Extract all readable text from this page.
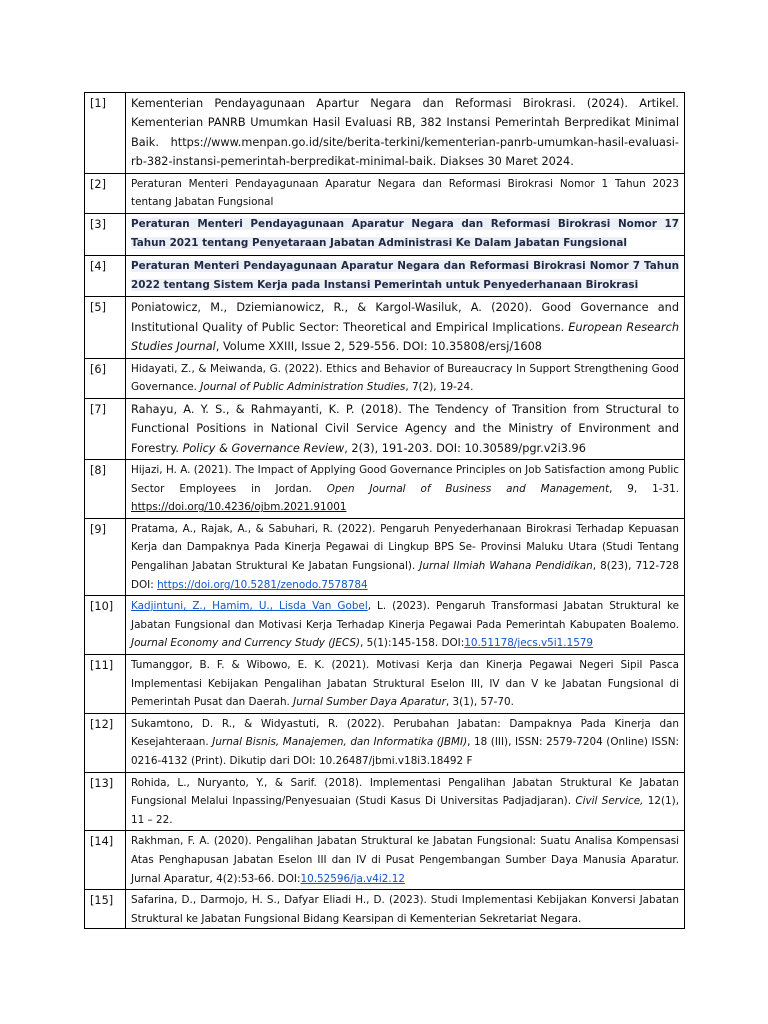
[1]	Kementerian Pendayagunaan Apartur Negara dan Reformasi Birokrasi. (2024). Artikel. Kementerian PANRB Umumkan Hasil Evaluasi RB, 382 Instansi Pemerintah Berpredikat Minimal Baik. https://www.menpan.go.id/site/berita-terkini/kementerian-panrb-umumkan-hasil-evaluasi-rb-382-instansi-pemerintah-berpredikat-minimal-baik. Diakses 30 Maret 2024.
[2]	Peraturan Menteri Pendayagunaan Aparatur Negara dan Reformasi Birokrasi Nomor 1 Tahun 2023 tentang Jabatan Fungsional
[3]	Peraturan Menteri Pendayagunaan Aparatur Negara dan Reformasi Birokrasi Nomor 17 Tahun 2021 tentang Penyetaraan Jabatan Administrasi Ke Dalam Jabatan Fungsional
[4]	Peraturan Menteri Pendayagunaan Aparatur Negara dan Reformasi Birokrasi Nomor 7 Tahun 2022 tentang Sistem Kerja pada Instansi Pemerintah untuk Penyederhanaan Birokrasi
[5]	Poniatowicz, M., Dziemianowicz, R., & Kargol-Wasiluk, A. (2020). Good Governance and Institutional Quality of Public Sector: Theoretical and Empirical Implications. European Research Studies Journal, Volume XXIII, Issue 2, 529-556. DOI: 10.35808/ersj/1608
[6]	Hidayati, Z., & Meiwanda, G. (2022). Ethics and Behavior of Bureaucracy In Support Strengthening Good Governance. Journal of Public Administration Studies, 7(2), 19-24.
[7]	Rahayu, A. Y. S., & Rahmayanti, K. P. (2018). The Tendency of Transition from Structural to Functional Positions in National Civil Service Agency and the Ministry of Environment and Forestry. Policy & Governance Review, 2(3), 191-203. DOI: 10.30589/pgr.v2i3.96
[8]	Hijazi, H. A. (2021). The Impact of Applying Good Governance Principles on Job Satisfaction among Public Sector Employees in Jordan. Open Journal of Business and Management, 9, 1-31. https://doi.org/10.4236/ojbm.2021.91001
[9]	Pratama, A., Rajak, A., & Sabuhari, R. (2022). Pengaruh Penyederhanaan Birokrasi Terhadap Kepuasan Kerja dan Dampaknya Pada Kinerja Pegawai di Lingkup BPS Se- Provinsi Maluku Utara (Studi Tentang Pengalihan Jabatan Struktural Ke Jabatan Fungsional). Jurnal Ilmiah Wahana Pendidikan, 8(23), 712-728 DOI: https://doi.org/10.5281/zenodo.7578784
[10]	Kadjintuni, Z., Hamim, U., Lisda Van Gobel, L. (2023). Pengaruh Transformasi Jabatan Struktural ke Jabatan Fungsional dan Motivasi Kerja Terhadap Kinerja Pegawai Pada Pemerintah Kabupaten Boalemo. Journal Economy and Currency Study (JECS), 5(1):145-158. DOI:10.51178/jecs.v5i1.1579
[11]	Tumanggor, B. F. & Wibowo, E. K. (2021). Motivasi Kerja dan Kinerja Pegawai Negeri Sipil Pasca Implementasi Kebijakan Pengalihan Jabatan Struktural Eselon III, IV dan V ke Jabatan Fungsional di Pemerintah Pusat dan Daerah. Jurnal Sumber Daya Aparatur, 3(1), 57-70.
[12]	Sukamtono, D. R., & Widyastuti, R. (2022). Perubahan Jabatan: Dampaknya Pada Kinerja dan Kesejahteraan. Jurnal Bisnis, Manajemen, dan Informatika (JBMI), 18 (III), ISSN: 2579-7204 (Online) ISSN: 0216-4132 (Print). Dikutip dari DOI: 10.26487/jbmi.v18i3.18492 F
[13]	Rohida, L., Nuryanto, Y., & Sarif. (2018). Implementasi Pengalihan Jabatan Struktural Ke Jabatan Fungsional Melalui Inpassing/Penyesuaian (Studi Kasus Di Universitas Padjadjaran). Civil Service, 12(1), 11 – 22.
[14]	Rakhman, F. A. (2020). Pengalihan Jabatan Struktural ke Jabatan Fungsional: Suatu Analisa Kompensasi Atas Penghapusan Jabatan Eselon III dan IV di Pusat Pengembangan Sumber Daya Manusia Aparatur. Jurnal Aparatur, 4(2):53-66. DOI:10.52596/ja.v4i2.12
[15]	Safarina, D., Darmojo, H. S., Dafyar Eliadi H., D. (2023). Studi Implementasi Kebijakan Konversi Jabatan Struktural ke Jabatan Fungsional Bidang Kearsipan di Kementerian Sekretariat Negara.
